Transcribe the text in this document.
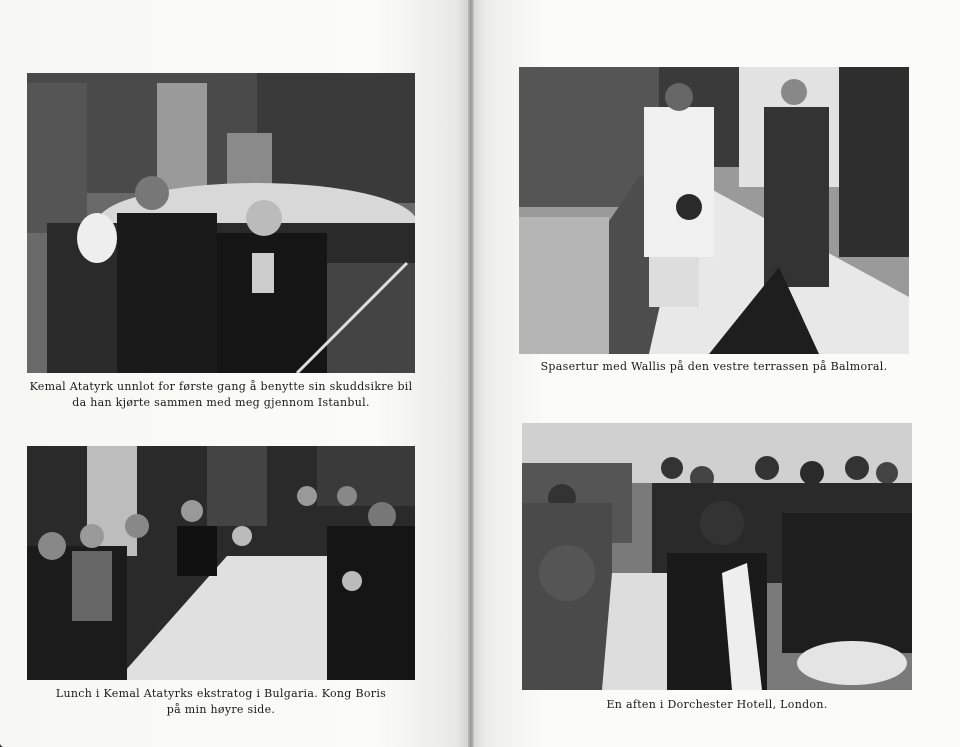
Kemal Atatyrk unnlot for første gang å benytte sin skuddsikre bil
da han kjørte sammen med meg gjennom Istanbul.
Spasertur med Wallis på den vestre terrassen på Balmoral.
Lunch i Kemal Atatyrks ekstratog i Bulgaria. Kong Boris
på min høyre side.	En aften i Dorchester Hotell, London.
